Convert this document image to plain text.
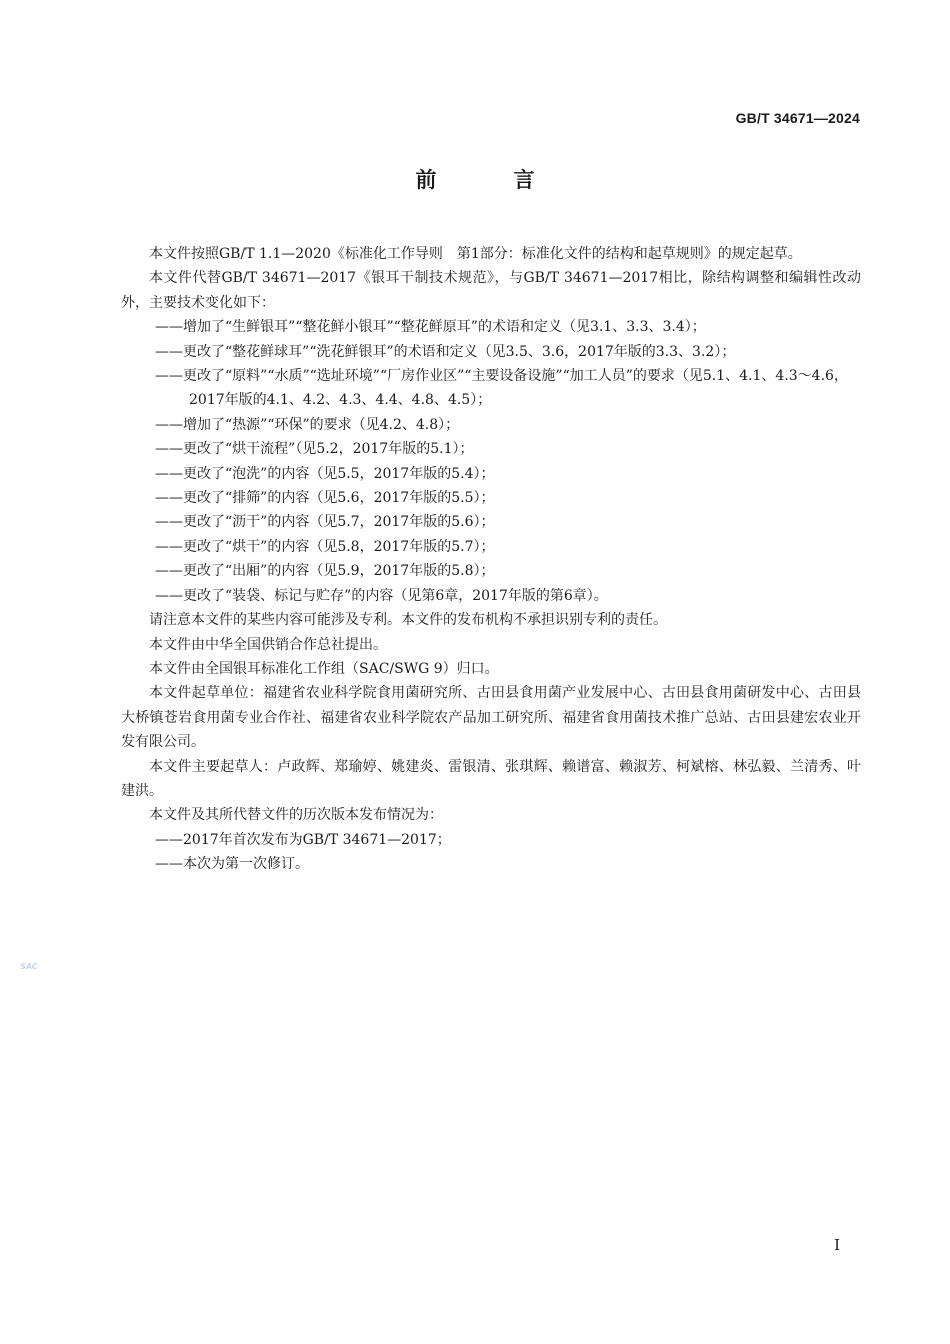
GB/T 34671—2024
前　言

本文件按照GB/T 1.1—2020《标准化工作导则　第1部分：标准化文件的结构和起草规则》的规定起草。

本文件代替GB/T 34671—2017《银耳干制技术规范》，与GB/T 34671—2017相比，除结构调整和编辑性改动外，主要技术变化如下：

——增加了“生鲜银耳”“整花鲜小银耳”“整花鲜原耳”的术语和定义（见3.1、3.3、3.4）；

——更改了“整花鲜球耳”“洗花鲜银耳”的术语和定义（见3.5、3.6，2017年版的3.3、3.2）；

——更改了“原料”“水质”“选址环境”“厂房作业区”“主要设备设施”“加工人员”的要求（见5.1、4.1、4.3～4.6，2017年版的4.1、4.2、4.3、4.4、4.8、4.5）；

——增加了“热源”“环保”的要求（见4.2、4.8）；

——更改了“烘干流程”（见5.2，2017年版的5.1）；

——更改了“泡洗”的内容（见5.5，2017年版的5.4）；

——更改了“排筛”的内容（见5.6，2017年版的5.5）；

——更改了“沥干”的内容（见5.7，2017年版的5.6）；

——更改了“烘干”的内容（见5.8，2017年版的5.7）；

——更改了“出厢”的内容（见5.9，2017年版的5.8）；

——更改了“装袋、标记与贮存”的内容（见第6章，2017年版的第6章）。

请注意本文件的某些内容可能涉及专利。本文件的发布机构不承担识别专利的责任。

本文件由中华全国供销合作总社提出。

本文件由全国银耳标准化工作组（SAC/SWG 9）归口。

本文件起草单位：福建省农业科学院食用菌研究所、古田县食用菌产业发展中心、古田县食用菌研发中心、古田县大桥镇苍岩食用菌专业合作社、福建省农业科学院农产品加工研究所、福建省食用菌技术推广总站、古田县建宏农业开发有限公司。

本文件主要起草人：卢政辉、郑瑜婷、姚建炎、雷银清、张琪辉、赖谱富、赖淑芳、柯斌榕、林弘毅、兰清秀、叶建洪。

本文件及其所代替文件的历次版本发布情况为：

——2017年首次发布为GB/T 34671—2017；

——本次为第一次修订。

SAC
I
